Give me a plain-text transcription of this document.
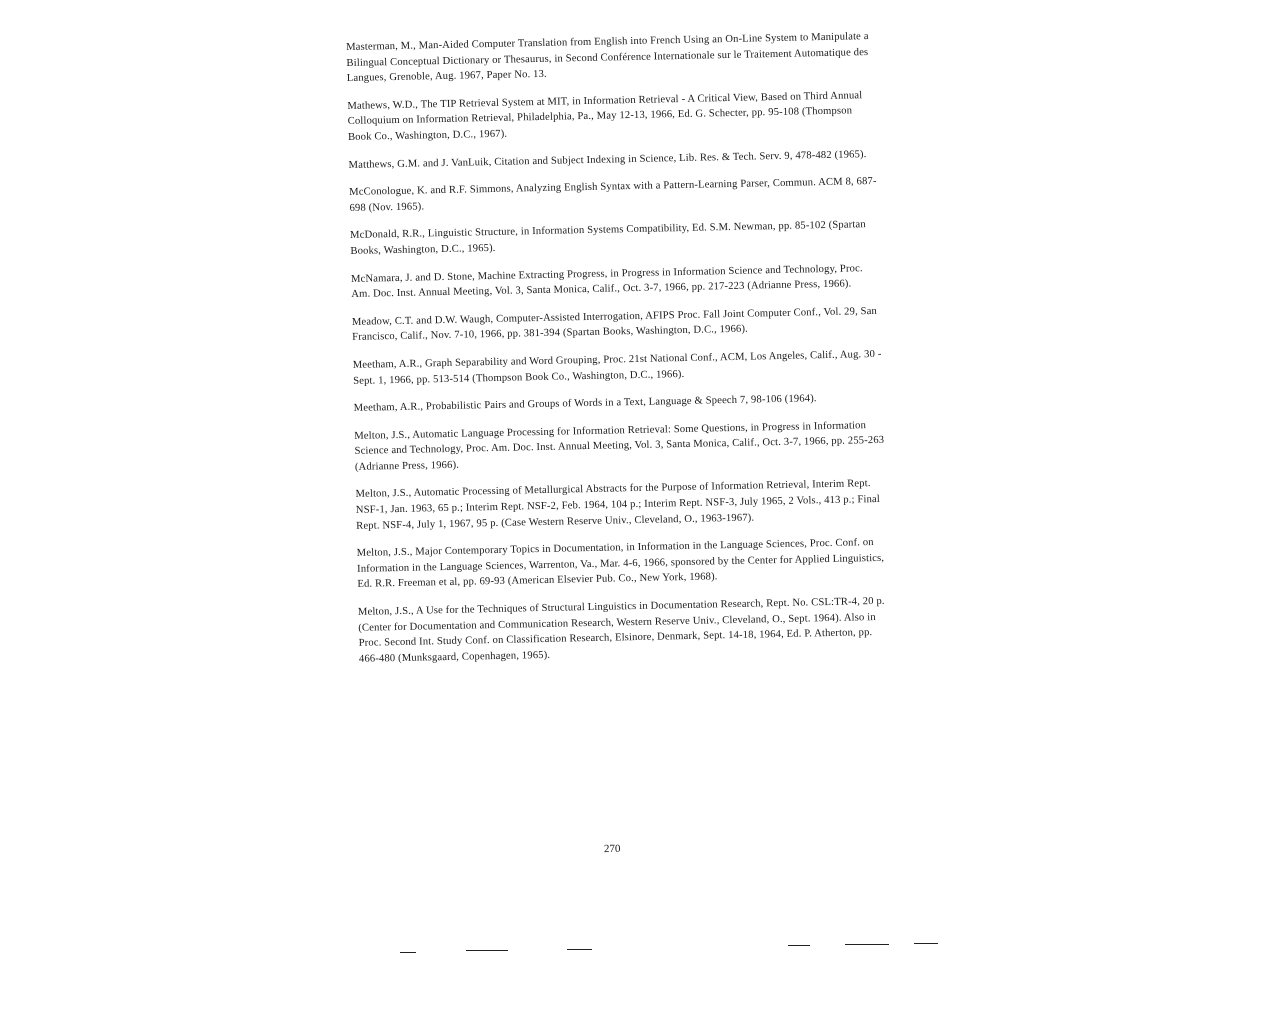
Masterman, M., Man-Aided Computer Translation from English into French Using an On-Line System to Manipulate a Bilingual Conceptual Dictionary or Thesaurus, in Second Conférence Internationale sur le Traitement Automatique des Langues, Grenoble, Aug. 1967, Paper No. 13.

Mathews, W.D., The TIP Retrieval System at MIT, in Information Retrieval - A Critical View, Based on Third Annual Colloquium on Information Retrieval, Philadelphia, Pa., May 12-13, 1966, Ed. G. Schecter, pp. 95-108 (Thompson Book Co., Washington, D.C., 1967).

Matthews, G.M. and J. VanLuik, Citation and Subject Indexing in Science, Lib. Res. & Tech. Serv. 9, 478-482 (1965).

McConologue, K. and R.F. Simmons, Analyzing English Syntax with a Pattern-Learning Parser, Commun. ACM 8, 687-698 (Nov. 1965).

McDonald, R.R., Linguistic Structure, in Information Systems Compatibility, Ed. S.M. Newman, pp. 85-102 (Spartan Books, Washington, D.C., 1965).

McNamara, J. and D. Stone, Machine Extracting Progress, in Progress in Information Science and Technology, Proc. Am. Doc. Inst. Annual Meeting, Vol. 3, Santa Monica, Calif., Oct. 3-7, 1966, pp. 217-223 (Adrianne Press, 1966).

Meadow, C.T. and D.W. Waugh, Computer-Assisted Interrogation, AFIPS Proc. Fall Joint Computer Conf., Vol. 29, San Francisco, Calif., Nov. 7-10, 1966, pp. 381-394 (Spartan Books, Washington, D.C., 1966).

Meetham, A.R., Graph Separability and Word Grouping, Proc. 21st National Conf., ACM, Los Angeles, Calif., Aug. 30 - Sept. 1, 1966, pp. 513-514 (Thompson Book Co., Washington, D.C., 1966).

Meetham, A.R., Probabilistic Pairs and Groups of Words in a Text, Language & Speech 7, 98-106 (1964).

Melton, J.S., Automatic Language Processing for Information Retrieval: Some Questions, in Progress in Information Science and Technology, Proc. Am. Doc. Inst. Annual Meeting, Vol. 3, Santa Monica, Calif., Oct. 3-7, 1966, pp. 255-263 (Adrianne Press, 1966).

Melton, J.S., Automatic Processing of Metallurgical Abstracts for the Purpose of Information Retrieval, Interim Rept. NSF-1, Jan. 1963, 65 p.; Interim Rept. NSF-2, Feb. 1964, 104 p.; Interim Rept. NSF-3, July 1965, 2 Vols., 413 p.; Final Rept. NSF-4, July 1, 1967, 95 p. (Case Western Reserve Univ., Cleveland, O., 1963-1967).

Melton, J.S., Major Contemporary Topics in Documentation, in Information in the Language Sciences, Proc. Conf. on Information in the Language Sciences, Warrenton, Va., Mar. 4-6, 1966, sponsored by the Center for Applied Linguistics, Ed. R.R. Freeman et al, pp. 69-93 (American Elsevier Pub. Co., New York, 1968).

Melton, J.S., A Use for the Techniques of Structural Linguistics in Documentation Research, Rept. No. CSL:TR-4, 20 p. (Center for Documentation and Communication Research, Western Reserve Univ., Cleveland, O., Sept. 1964). Also in Proc. Second Int. Study Conf. on Classification Research, Elsinore, Denmark, Sept. 14-18, 1964, Ed. P. Atherton, pp. 466-480 (Munksgaard, Copenhagen, 1965).

270
